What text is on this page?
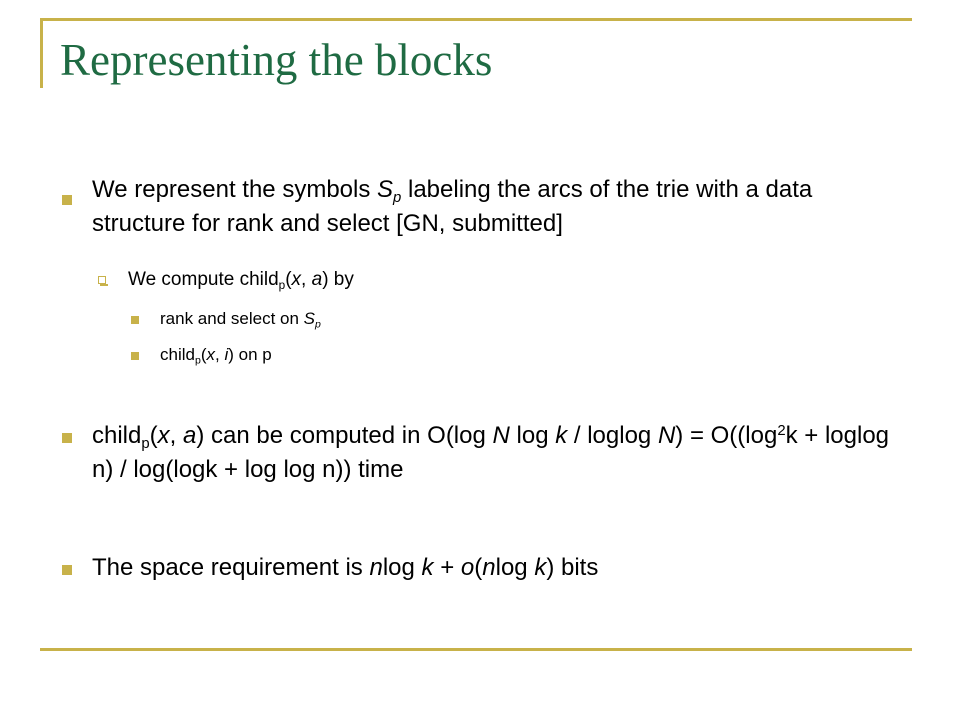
Representing the blocks
We represent the symbols $S_p$ labeling the arcs of the trie with a data structure for rank and select [GN, submitted]
We compute child$_p$(x, a) by
rank and select on $S_p$
child$_p$(x, i) on p
child$_p$(x, a) can be computed in O(log N log k / loglog $N) = O((\log^2k + loglog$ n) / log(logk + log log n)) time
The space requirement is nlog k + o(nlog k) bits
